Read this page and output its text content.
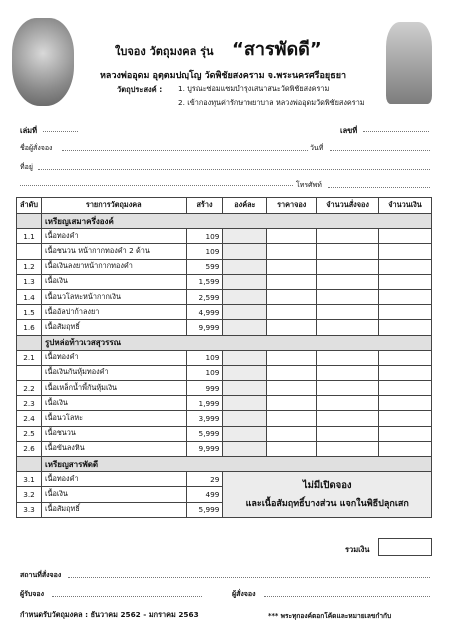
ใบจอง วัตถุมงคล รุ่น “สารพัดดี”
หลวงพ่ออุดม อุตฺตมปญฺโญ วัดพิชัยสงคราม จ.พระนครศรีอยุธยา
วัตถุประสงค์ : 1. บูรณะซ่อมแซมบำรุงเสนาสนะวัดพิชัยสงคราม
2. เข้ากองทุนค่ารักษาพยาบาล หลวงพ่ออุดมวัดพิชัยสงคราม
เล่มที่	เลขที่
ชื่อผู้สั่งจอง	วันที่
ที่อยู่
โทรศัพท์
ลำดับ	รายการวัตถุมงคล	สร้าง	องค์ละ	ราคาจอง	จำนวนสั่งจอง	จำนวนเงิน
	เหรียญเสมาครึ่งองค์					
1.1	เนื้อทองคำ	109				
	เนื้อชนวน หน้ากากทองคำ 2 ด้าน	109				
1.2	เนื้อเงินลงยาหน้ากากทองคำ	599				
1.3	เนื้อเงิน	1,599				
1.4	เนื้อนวโลหะหน้ากากเงิน	2,599				
1.5	เนื้ออัลปาก้าลงยา	4,999				
1.6	เนื้อสัมฤทธิ์	9,999				
	รูปหล่อท้าวเวสสุวรรณ					
2.1	เนื้อทองคำ	109				
	เนื้อเงินกันหุ้มทองคำ	109				
2.2	เนื้อเหล็กน้ำพี้กันหุ้มเงิน	999				
2.3	เนื้อเงิน	1,999				
2.4	เนื้อนวโลหะ	3,999				
2.5	เนื้อชนวน	5,999				
2.6	เนื้อขันลงหิน	9,999				
	เหรียญสารพัดดี					
3.1	เนื้อทองคำ	29	ไม่มีเปิดจอง
และเนื้อสัมฤทธิ์บางส่วน แจกในพิธีปลุกเสก			

3.2	เนื้อเงิน	499				
3.3	เนื้อสัมฤทธิ์	5,999				
รวมเงิน
สถานที่สั่งจอง
ผู้รับจอง	ผู้สั่งจอง
กำหนดรับวัตถุมงคล : ธันวาคม 2562 - มกราคม 2563	*** พระทุกองค์ตอกโค้ดและหมายเลขกำกับ
